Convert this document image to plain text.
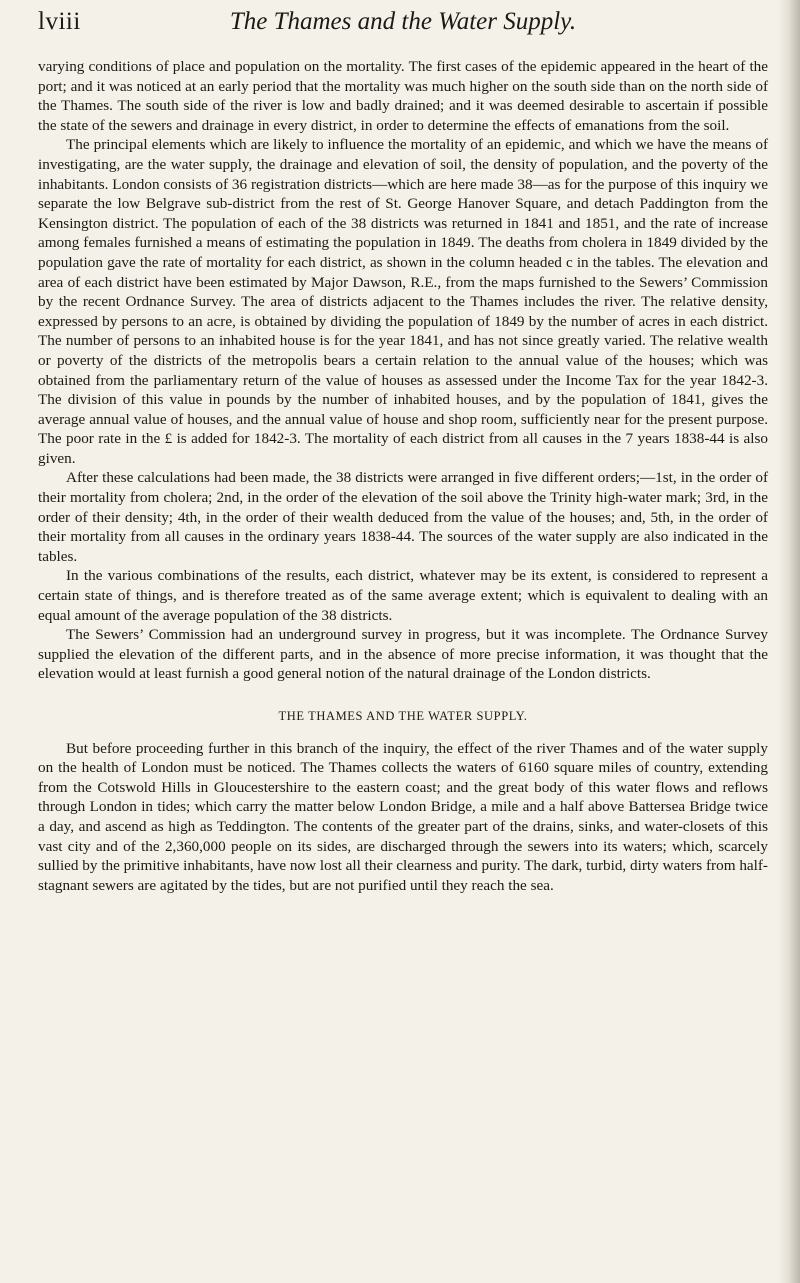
lviii	The Thames and the Water Supply.

varying conditions of place and population on the mortality. The first cases of the epidemic appeared in the heart of the port; and it was noticed at an early period that the mortality was much higher on the south side than on the north side of the Thames. The south side of the river is low and badly drained; and it was deemed desirable to ascertain if possible the state of the sewers and drainage in every district, in order to determine the effects of emanations from the soil.

The principal elements which are likely to influence the mortality of an epidemic, and which we have the means of investigating, are the water supply, the drainage and elevation of soil, the density of population, and the poverty of the inhabitants. London consists of 36 registration districts—which are here made 38—as for the purpose of this inquiry we separate the low Belgrave sub-district from the rest of St. George Hanover Square, and detach Paddington from the Kensington district. The population of each of the 38 districts was returned in 1841 and 1851, and the rate of increase among females furnished a means of estimating the population in 1849. The deaths from cholera in 1849 divided by the population gave the rate of mortality for each district, as shown in the column headed c in the tables. The elevation and area of each district have been estimated by Major Dawson, R.E., from the maps furnished to the Sewers’ Commission by the recent Ordnance Survey. The area of districts adjacent to the Thames includes the river. The relative density, expressed by persons to an acre, is obtained by dividing the population of 1849 by the number of acres in each district. The number of persons to an inhabited house is for the year 1841, and has not since greatly varied. The relative wealth or poverty of the districts of the metropolis bears a certain relation to the annual value of the houses; which was obtained from the parliamentary return of the value of houses as assessed under the Income Tax for the year 1842-3. The division of this value in pounds by the number of inhabited houses, and by the population of 1841, gives the average annual value of houses, and the annual value of house and shop room, sufficiently near for the present purpose. The poor rate in the £ is added for 1842-3. The mortality of each district from all causes in the 7 years 1838-44 is also given.

After these calculations had been made, the 38 districts were arranged in five different orders;—1st, in the order of their mortality from cholera; 2nd, in the order of the elevation of the soil above the Trinity high-water mark; 3rd, in the order of their density; 4th, in the order of their wealth deduced from the value of the houses; and, 5th, in the order of their mortality from all causes in the ordinary years 1838-44. The sources of the water supply are also indicated in the tables.

In the various combinations of the results, each district, whatever may be its extent, is considered to represent a certain state of things, and is therefore treated as of the same average extent; which is equivalent to dealing with an equal amount of the average population of the 38 districts.

The Sewers’ Commission had an underground survey in progress, but it was incomplete. The Ordnance Survey supplied the elevation of the different parts, and in the absence of more precise information, it was thought that the elevation would at least furnish a good general notion of the natural drainage of the London districts.

THE THAMES AND THE WATER SUPPLY.

But before proceeding further in this branch of the inquiry, the effect of the river Thames and of the water supply on the health of London must be noticed. The Thames collects the waters of 6160 square miles of country, extending from the Cotswold Hills in Gloucestershire to the eastern coast; and the great body of this water flows and reflows through London in tides; which carry the matter below London Bridge, a mile and a half above Battersea Bridge twice a day, and ascend as high as Teddington. The contents of the greater part of the drains, sinks, and water-closets of this vast city and of the 2,360,000 people on its sides, are discharged through the sewers into its waters; which, scarcely sullied by the primitive inhabitants, have now lost all their clearness and purity. The dark, turbid, dirty waters from half-stagnant sewers are agitated by the tides, but are not purified until they reach the sea.
